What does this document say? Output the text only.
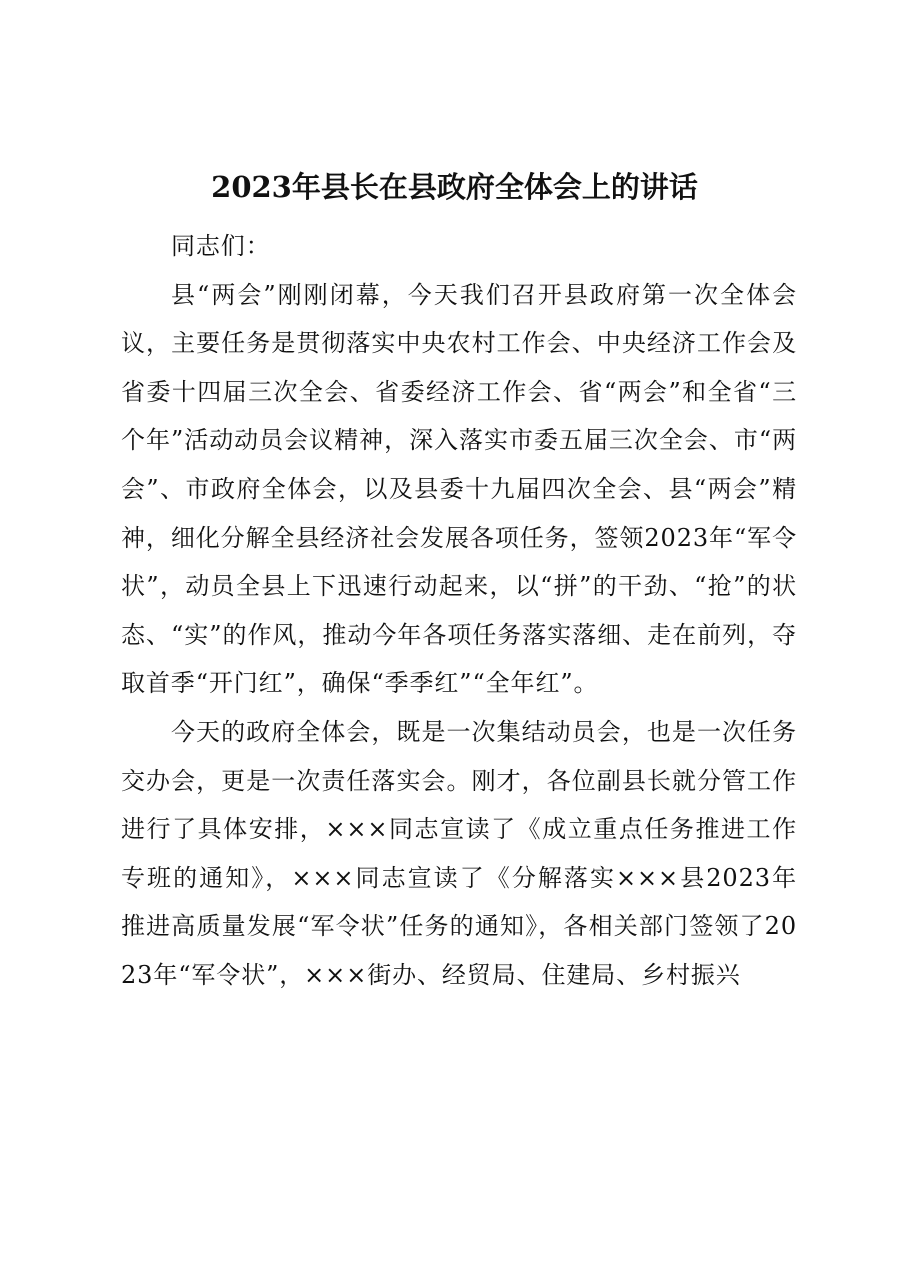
2023年县长在县政府全体会上的讲话

同志们：

县“两会”刚刚闭幕，今天我们召开县政府第一次全体会议，主要任务是贯彻落实中央农村工作会、中央经济工作会及省委十四届三次全会、省委经济工作会、省“两会”和全省“三个年”活动动员会议精神，深入落实市委五届三次全会、市“两会”、市政府全体会，以及县委十九届四次全会、县“两会”精神，细化分解全县经济社会发展各项任务，签领2023年“军令状”，动员全县上下迅速行动起来，以“拼”的干劲、“抢”的状态、“实”的作风，推动今年各项任务落实落细、走在前列，夺取首季“开门红”，确保“季季红”“全年红”。

今天的政府全体会，既是一次集结动员会，也是一次任务交办会，更是一次责任落实会。刚才，各位副县长就分管工作进行了具体安排，×××同志宣读了《成立重点任务推进工作专班的通知》，×××同志宣读了《分解落实×××县2023年推进高质量发展“军令状”任务的通知》，各相关部门签领了2023年“军令状”，×××街办、经贸局、住建局、乡村振兴
